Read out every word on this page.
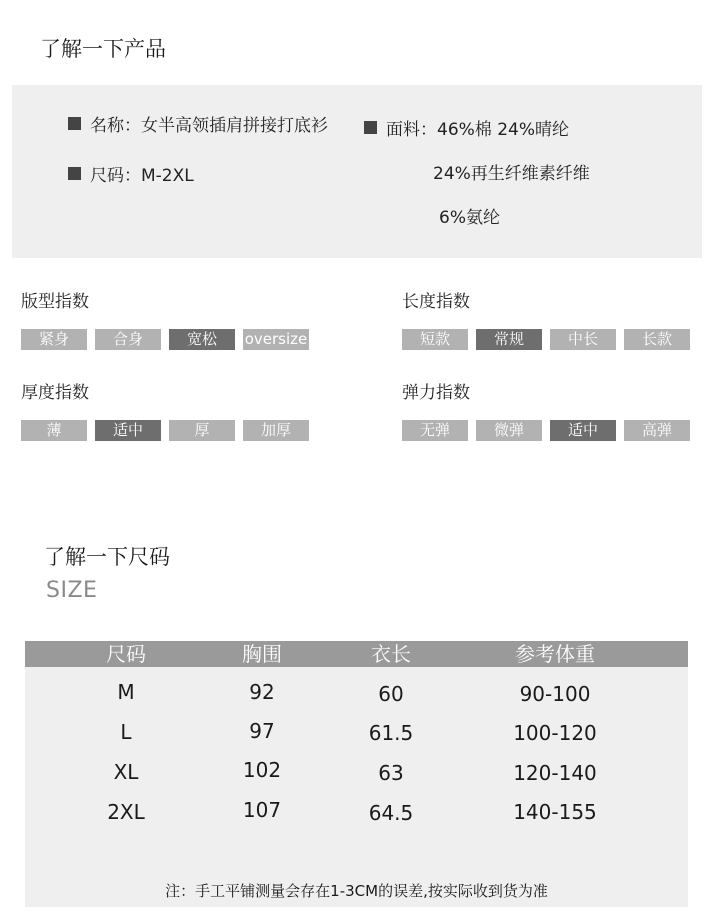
了解一下产品
名称：女半高领插肩拼接打底衫
尺码：M-2XL
面料： 46%棉 24%晴纶
24%再生纤维素纤维
6%氨纶
版型指数
紧身	合身	宽松	oversize
长度指数
短款	常规	中长	长款
厚度指数
薄	适中	厚	加厚
弹力指数
无弹	微弹	适中	高弹
了解一下尺码
SIZE
尺码	胸围	衣长	参考体重
M	92	60	90-100
L	97	61.5	100-120
XL	102	63	120-140
2XL	107	64.5	140-155
注：手工平铺测量会存在1-3CM的误差,按实际收到货为准
